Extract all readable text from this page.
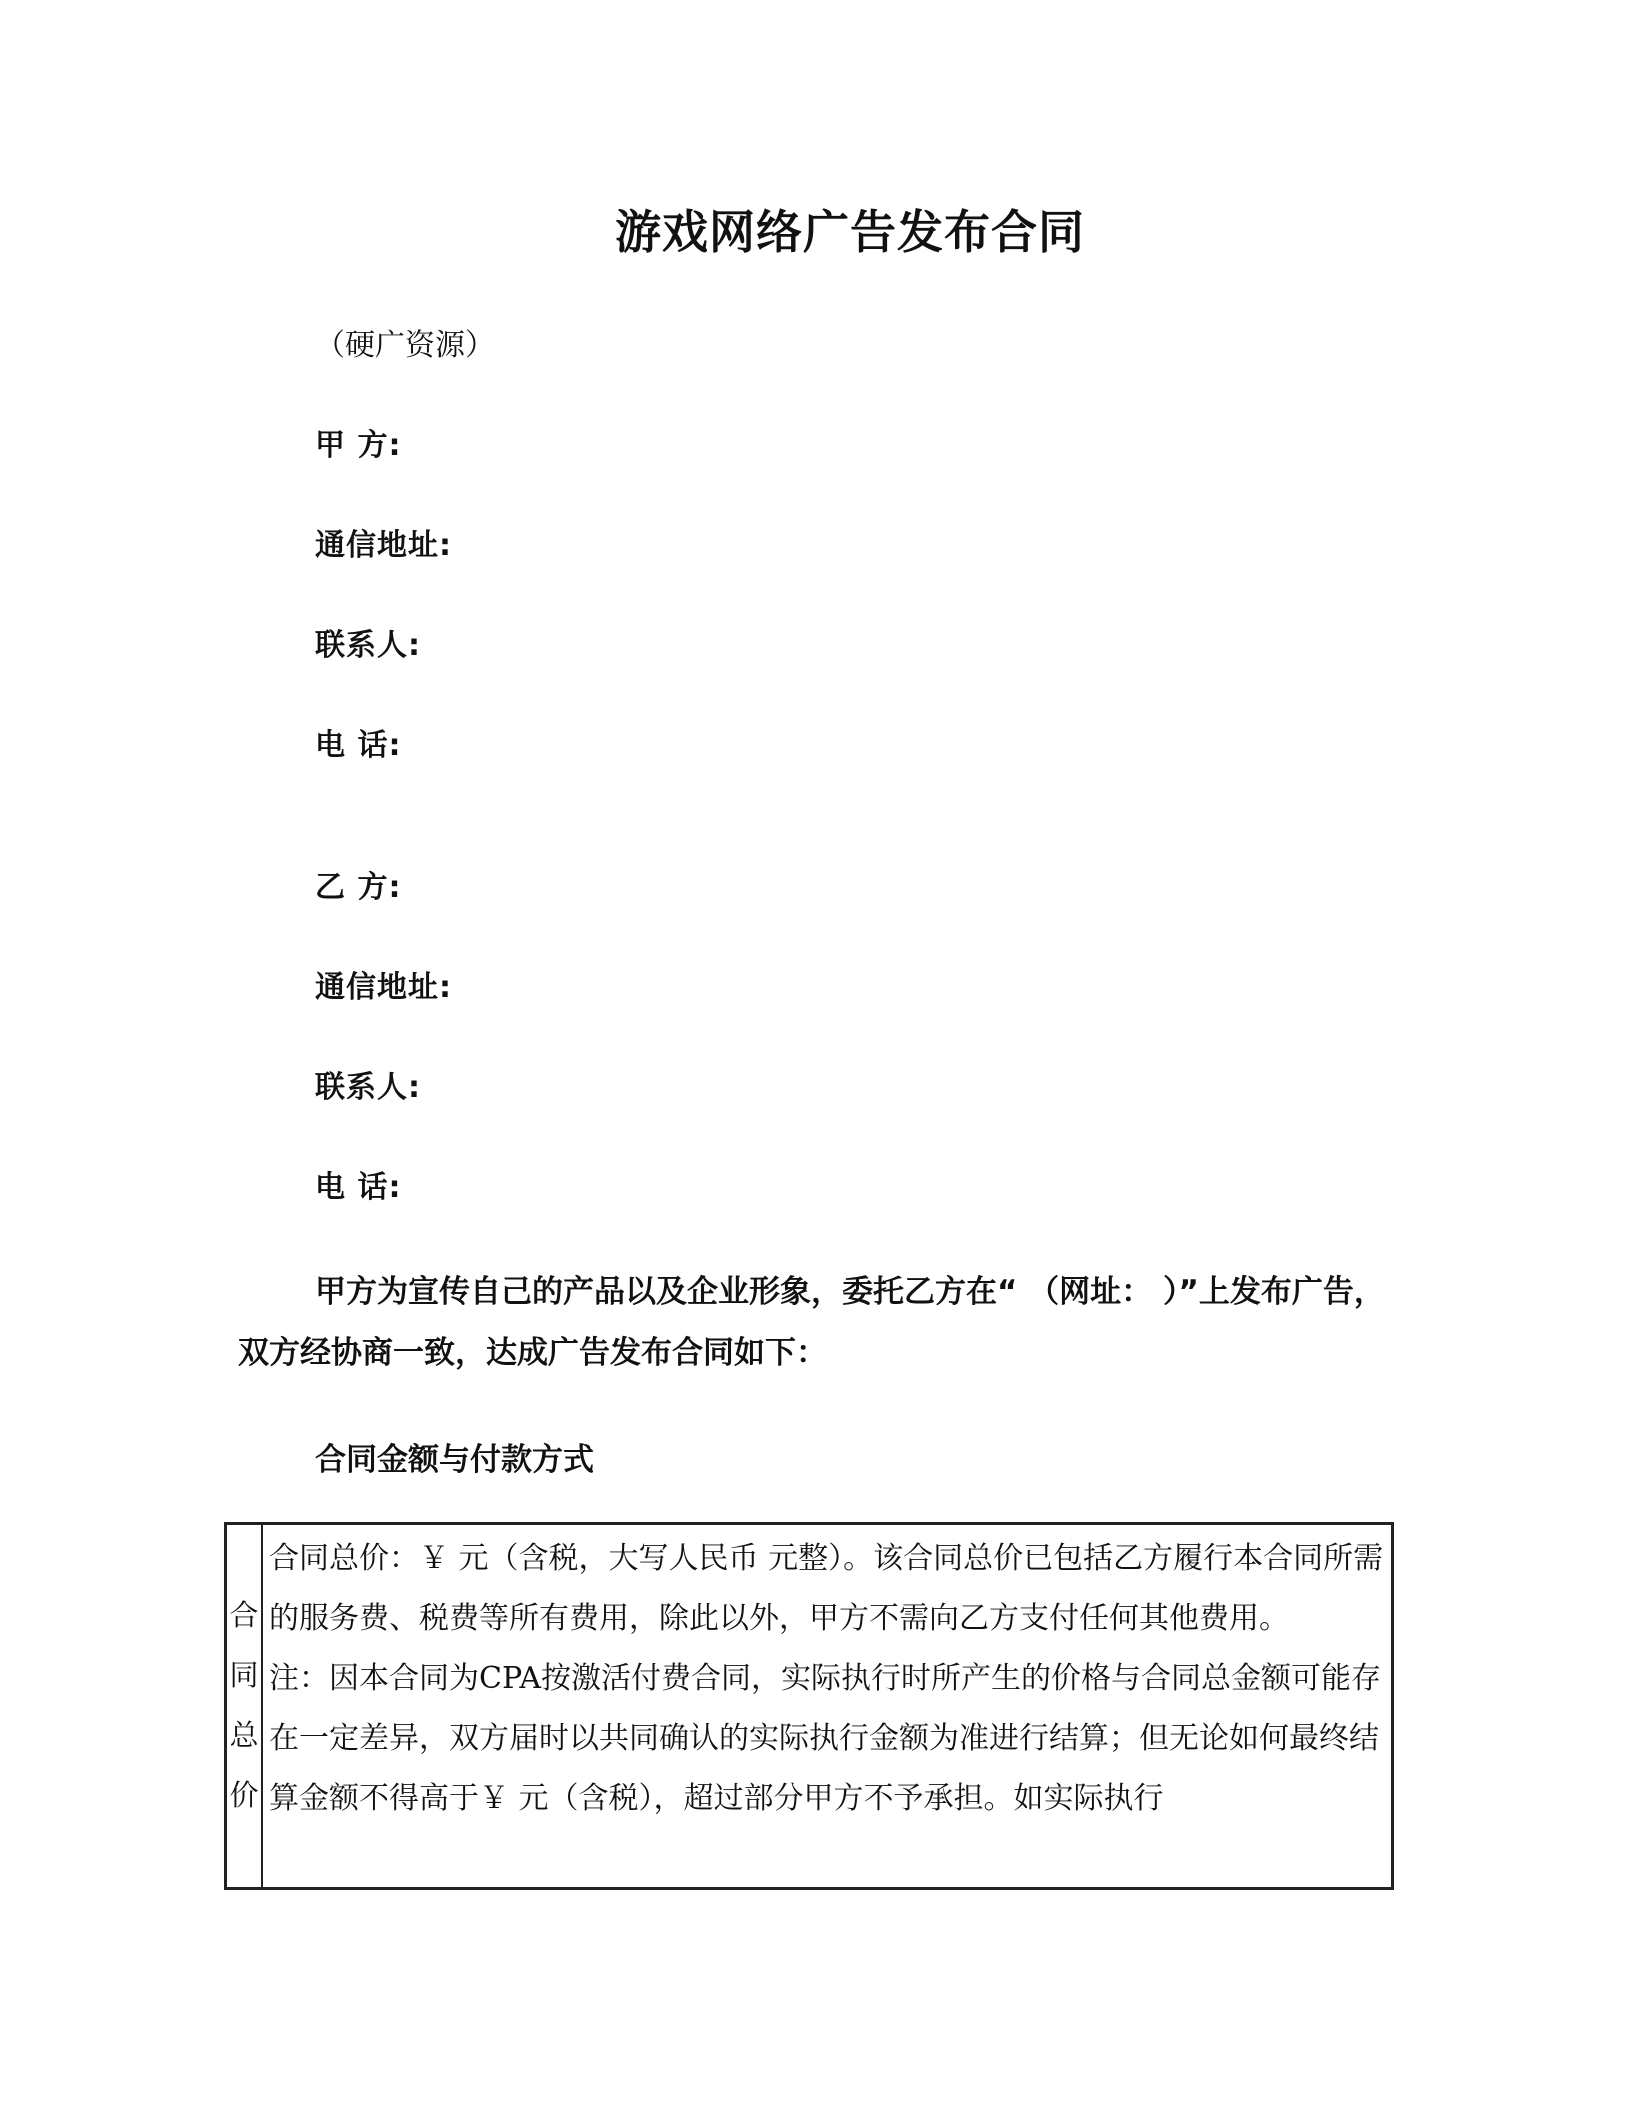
游戏网络广告发布合同
（硬广资源）
甲 方:
通信地址:
联系人:
电 话:
乙 方:
通信地址:
联系人:
电 话:
甲方为宣传自己的产品以及企业形象，委托乙方在“ （网址： ）”上发布广告，双方经协商一致，达成广告发布合同如下：
合同金额与付款方式
合
同
总
价

合同总价：￥ 元（含税，大写人民币 元整）。该合同总价已包括乙方履行本合同所需的服务费、税费等所有费用，除此以外，甲方不需向乙方支付任何其他费用。

注：因本合同为CPA按激活付费合同，实际执行时所产生的价格与合同总金额可能存在一定差异，双方届时以共同确认的实际执行金额为准进行结算；但无论如何最终结算金额不得高于￥ 元（含税），超过部分甲方不予承担。如实际执行
